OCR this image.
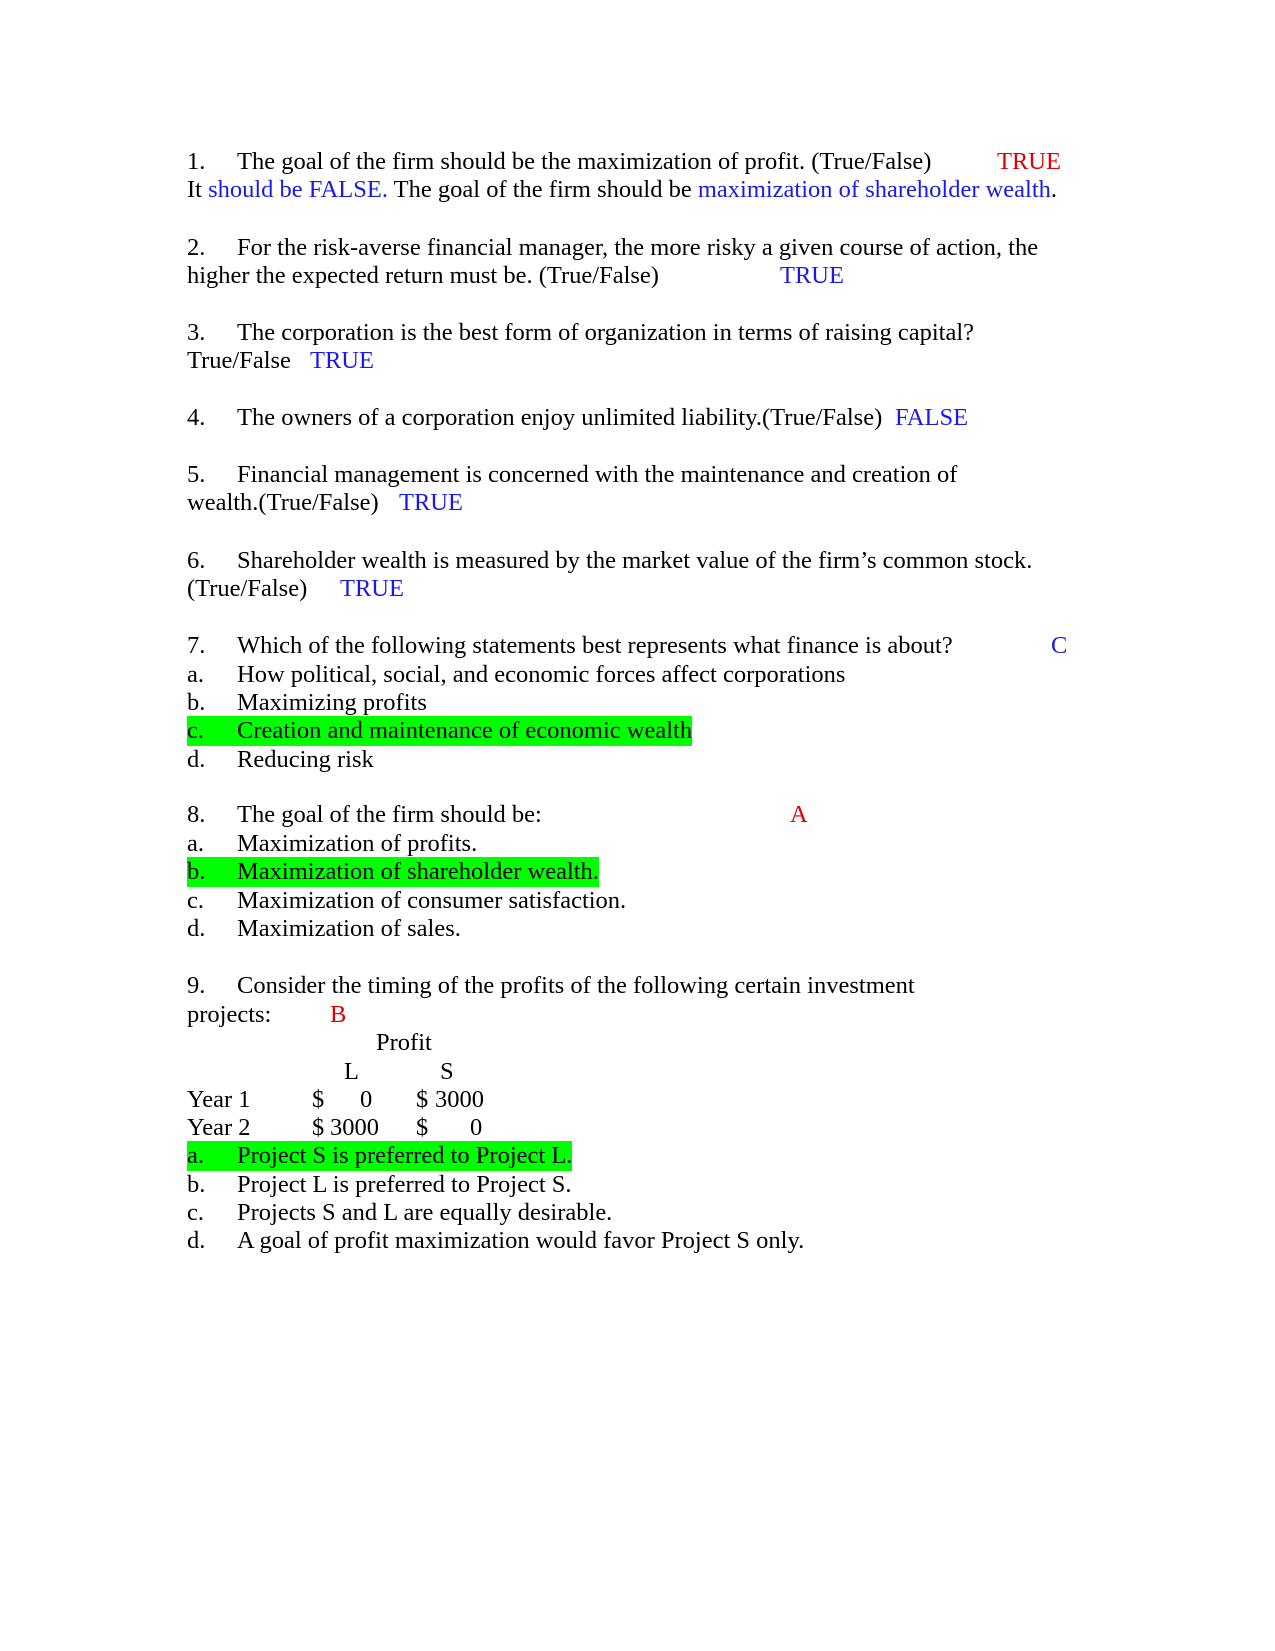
1. The goal of the firm should be the maximization of profit. (True/False)	TRUE
It should be FALSE. The goal of the firm should be maximization of shareholder wealth.
2. For the risk-averse financial manager, the more risky a given course of action, the
higher the expected return must be. (True/False)	TRUE
3. The corporation is the best form of organization in terms of raising capital?
True/False TRUE
4. The owners of a corporation enjoy unlimited liability.(True/False) FALSE
5. Financial management is concerned with the maintenance and creation of
wealth.(True/False) TRUE
6. Shareholder wealth is measured by the market value of the firm’s common stock.
(True/False) TRUE
7. Which of the following statements best represents what finance is about?	C
a. How political, social, and economic forces affect corporations
b. Maximizing profits
c. Creation and maintenance of economic wealth
d. Reducing risk
8. The goal of the firm should be:	A
a. Maximization of profits.
b. Maximization of shareholder wealth.
c. Maximization of consumer satisfaction.
d. Maximization of sales.
9. Consider the timing of the profits of the following certain investment
projects: B
Profit
L	S
Year 1	$ 0 $ 3000
Year 2	$ 3000 $ 0
a. Project S is preferred to Project L.
b. Project L is preferred to Project S.
c. Projects S and L are equally desirable.
d. A goal of profit maximization would favor Project S only.
